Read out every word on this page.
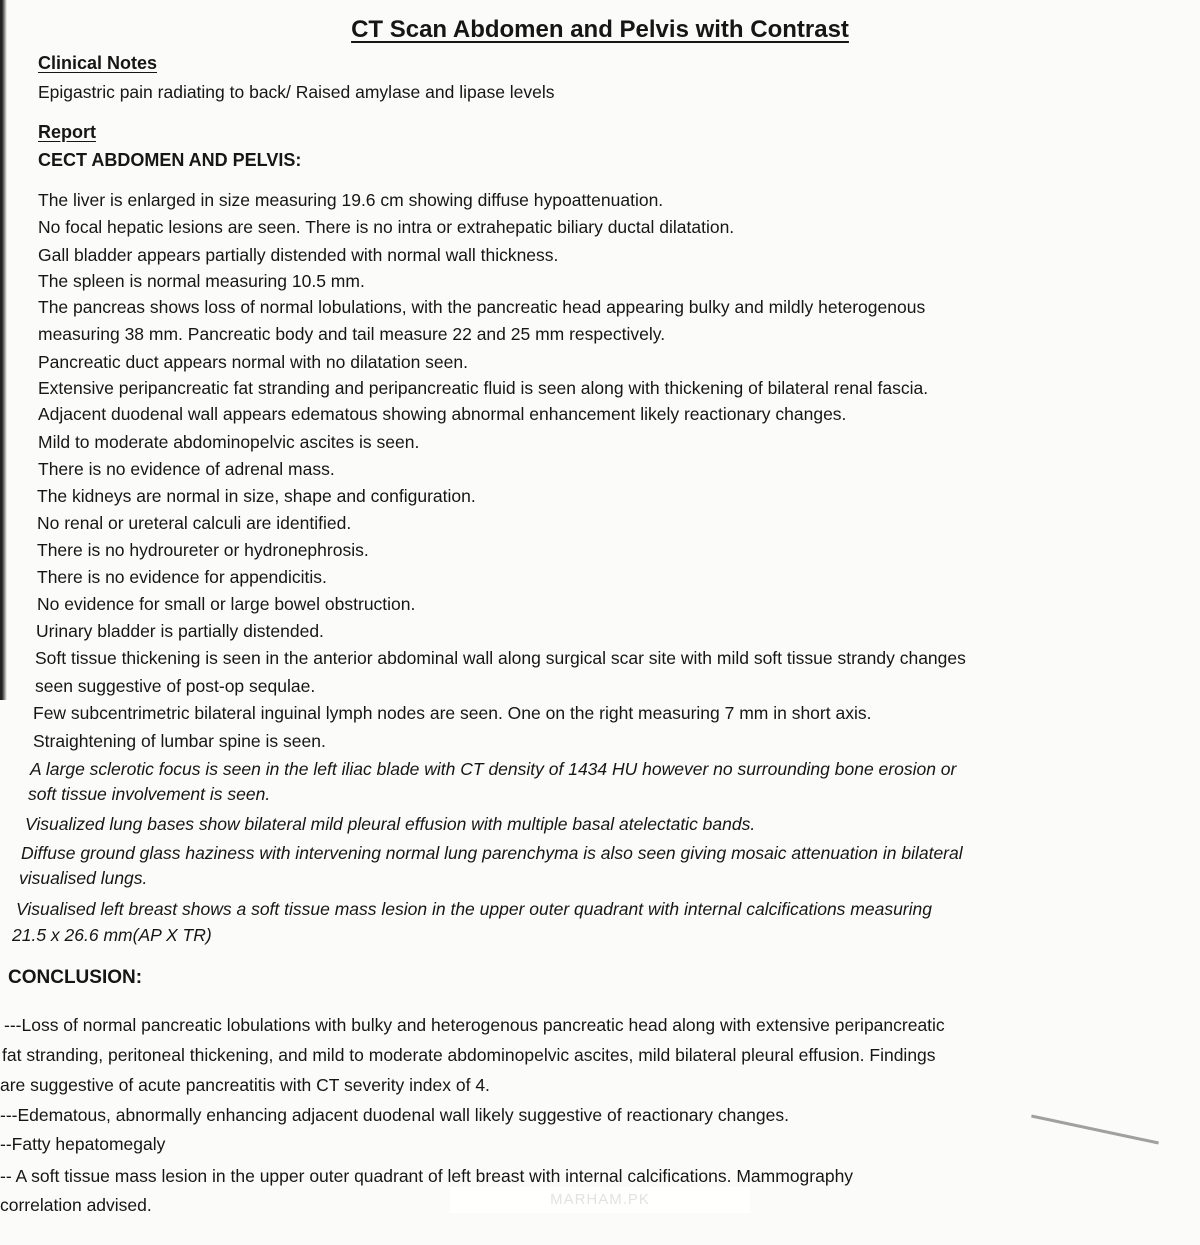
CT Scan Abdomen and Pelvis with Contrast
Clinical Notes
Epigastric pain radiating to back/ Raised amylase and lipase levels
Report
CECT ABDOMEN AND PELVIS:
The liver is enlarged in size measuring 19.6 cm showing diffuse hypoattenuation.
No focal hepatic lesions are seen. There is no intra or extrahepatic biliary ductal dilatation.
Gall bladder appears partially distended with normal wall thickness.
The spleen is normal measuring 10.5 mm.
The pancreas shows loss of normal lobulations, with the pancreatic head appearing bulky and mildly heterogenous
measuring 38 mm. Pancreatic body and tail measure 22 and 25 mm respectively.
Pancreatic duct appears normal with no dilatation seen.
Extensive peripancreatic fat stranding and peripancreatic fluid is seen along with thickening of bilateral renal fascia.
Adjacent duodenal wall appears edematous showing abnormal enhancement likely reactionary changes.
Mild to moderate abdominopelvic ascites is seen.
There is no evidence of adrenal mass.
The kidneys are normal in size, shape and configuration.
No renal or ureteral calculi are identified.
There is no hydroureter or hydronephrosis.
There is no evidence for appendicitis.
No evidence for small or large bowel obstruction.
Urinary bladder is partially distended.
Soft tissue thickening is seen in the anterior abdominal wall along surgical scar site with mild soft tissue strandy changes
seen suggestive of post-op sequlae.
Few subcentrimetric bilateral inguinal lymph nodes are seen. One on the right measuring 7 mm in short axis.
Straightening of lumbar spine is seen.
A large sclerotic focus is seen in the left iliac blade with CT density of 1434 HU however no surrounding bone erosion or
soft tissue involvement is seen.
Visualized lung bases show bilateral mild pleural effusion with multiple basal atelectatic bands.
Diffuse ground glass haziness with intervening normal lung parenchyma is also seen giving mosaic attenuation in bilateral
visualised lungs.
Visualised left breast shows a soft tissue mass lesion in the upper outer quadrant with internal calcifications measuring
21.5 x 26.6 mm(AP X TR)
CONCLUSION:
---Loss of normal pancreatic lobulations with bulky and heterogenous pancreatic head along with extensive peripancreatic
fat stranding, peritoneal thickening, and mild to moderate abdominopelvic ascites, mild bilateral pleural effusion. Findings
are suggestive of acute pancreatitis with CT severity index of 4.
---Edematous, abnormally enhancing adjacent duodenal wall likely suggestive of reactionary changes.
--Fatty hepatomegaly
-- A soft tissue mass lesion in the upper outer quadrant of left breast with internal calcifications. Mammography
correlation advised.	MARHAM.PK
